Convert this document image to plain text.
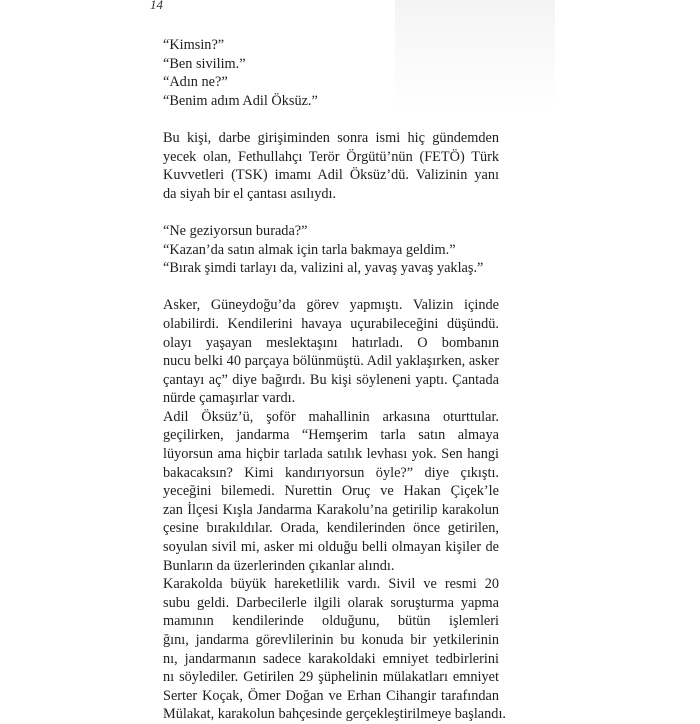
14
“Kimsin?”
“Ben sivilim.”
“Adın ne?”
“Benim adım Adil Öksüz.”
Bu kişi, darbe girişiminden sonra ismi hiç gündemden
yecek olan, Fethullahçı Terör Örgütü’nün (FETÖ) Türk
Kuvvetleri (TSK) imamı Adil Öksüz’dü. Valizinin yanı
da siyah bir el çantası asılıydı.
“Ne geziyorsun burada?”
“Kazan’da satın almak için tarla bakmaya geldim.”
“Bırak şimdi tarlayı da, valizini al, yavaş yavaş yaklaş.”
Asker, Güneydoğu’da görev yapmıştı. Valizin içinde
olabilirdi. Kendilerini havaya uçurabileceğini düşündü.
olayı yaşayan meslektaşını hatırladı. O bombanın
nucu belki 40 parçaya bölünmüştü. Adil yaklaşırken, asker
çantayı aç” diye bağırdı. Bu kişi söyleneni yaptı. Çantada
nürde çamaşırlar vardı.
Adil Öksüz’ü, şoför mahallinin arkasına oturttular.
geçilirken, jandarma “Hemşerim tarla satın almaya
lüyorsun ama hiçbir tarlada satılık levhası yok. Sen hangi
bakacaksın? Kimi kandırıyorsun öyle?” diye çıkıştı.
yeceğini bilemedi. Nurettin Oruç ve Hakan Çiçek’le
zan İlçesi Kışla Jandarma Karakolu’na getirilip karakolun
çesine bırakıldılar. Orada, kendilerinden önce getirilen,
soyulan sivil mi, asker mi olduğu belli olmayan kişiler de
Bunların da üzerlerinden çıkanlar alındı.
Karakolda büyük hareketlilik vardı. Sivil ve resmi 20
subu geldi. Darbecilerle ilgili olarak soruşturma yapma
mamının kendilerinde olduğunu, bütün işlemleri
ğını, jandarma görevlilerinin bu konuda bir yetkilerinin
nı, jandarmanın sadece karakoldaki emniyet tedbirlerini
nı söylediler. Getirilen 29 şüphelinin mülakatları emniyet
Serter Koçak, Ömer Doğan ve Erhan Cihangir tarafından
Mülakat, karakolun bahçesinde gerçekleştirilmeye başlandı.
